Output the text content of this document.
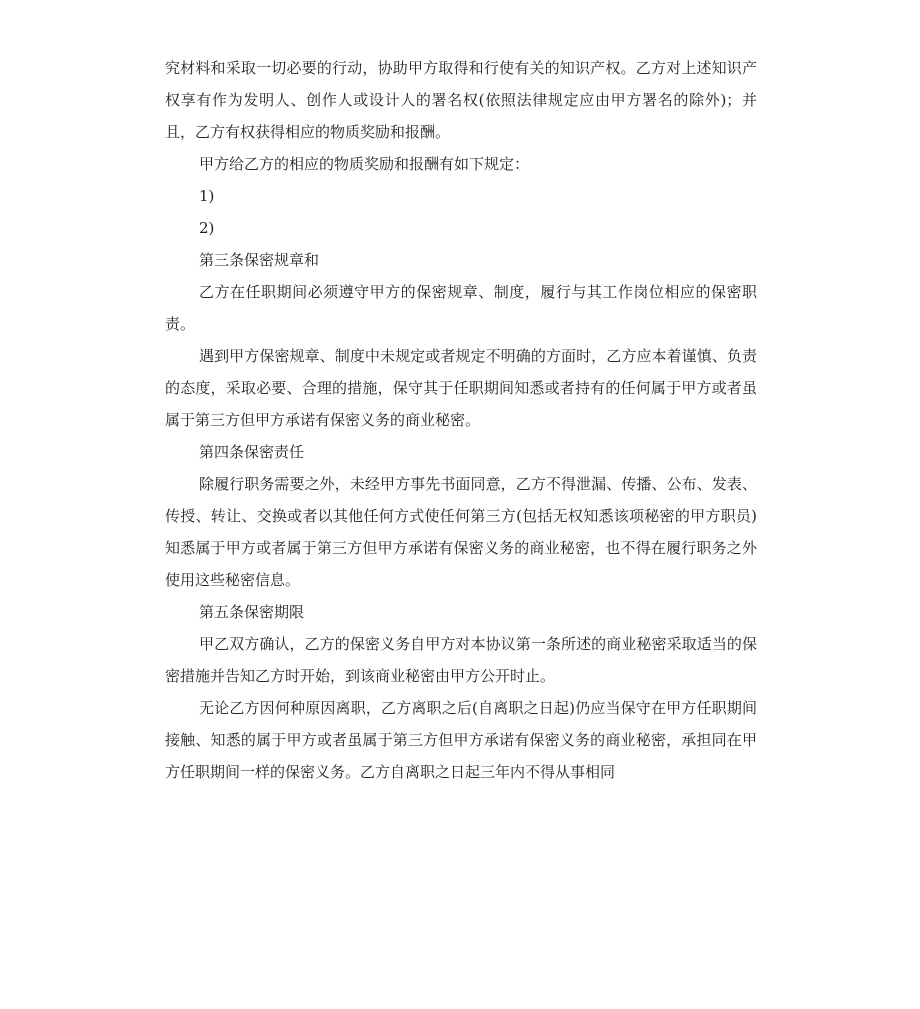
究材料和采取一切必要的行动，协助甲方取得和行使有关的知识产权。乙方对上述知识产权享有作为发明人、创作人或设计人的署名权(依照法律规定应由甲方署名的除外)；并且，乙方有权获得相应的物质奖励和报酬。

甲方给乙方的相应的物质奖励和报酬有如下规定：

1)

2)

第三条保密规章和

乙方在任职期间必须遵守甲方的保密规章、制度，履行与其工作岗位相应的保密职责。

遇到甲方保密规章、制度中未规定或者规定不明确的方面时，乙方应本着谨慎、负责的态度，采取必要、合理的措施，保守其于任职期间知悉或者持有的任何属于甲方或者虽属于第三方但甲方承诺有保密义务的商业秘密。

第四条保密责任

除履行职务需要之外，未经甲方事先书面同意，乙方不得泄漏、传播、公布、发表、传授、转让、交换或者以其他任何方式使任何第三方(包括无权知悉该项秘密的甲方职员)知悉属于甲方或者属于第三方但甲方承诺有保密义务的商业秘密，也不得在履行职务之外使用这些秘密信息。

第五条保密期限

甲乙双方确认，乙方的保密义务自甲方对本协议第一条所述的商业秘密采取适当的保密措施并告知乙方时开始，到该商业秘密由甲方公开时止。

无论乙方因何种原因离职，乙方离职之后(自离职之日起)仍应当保守在甲方任职期间接触、知悉的属于甲方或者虽属于第三方但甲方承诺有保密义务的商业秘密，承担同在甲方任职期间一样的保密义务。乙方自离职之日起三年内不得从事相同
